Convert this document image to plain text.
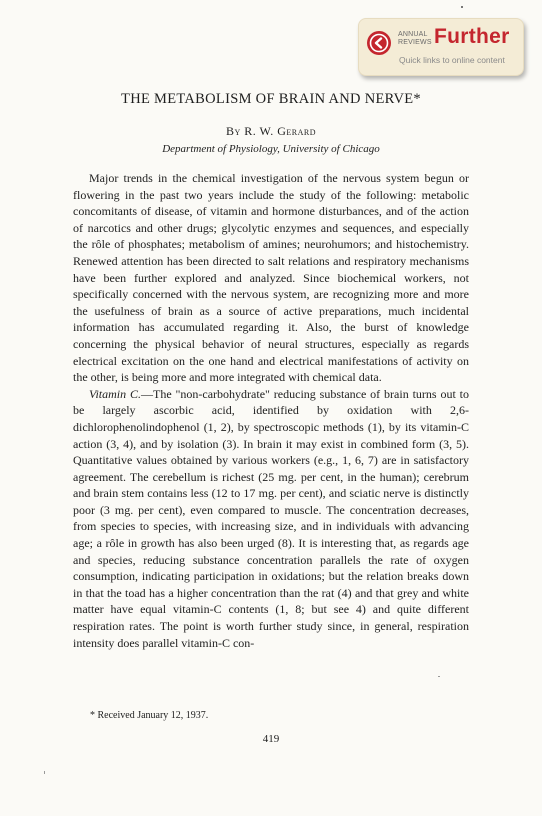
ANNUAL
REVIEWS Further
Quick links to online content
THE METABOLISM OF BRAIN AND NERVE*
By R. W. Gerard
Department of Physiology, University of Chicago

Major trends in the chemical investigation of the nervous system begun or flowering in the past two years include the study of the following: metabolic concomitants of disease, of vitamin and hormone disturbances, and of the action of narcotics and other drugs; glycolytic enzymes and sequences, and especially the rôle of phosphates; metabolism of amines; neurohumors; and histochemistry. Renewed attention has been directed to salt relations and respiratory mechanisms have been further explored and analyzed. Since biochemical workers, not specifically concerned with the nervous system, are recognizing more and more the usefulness of brain as a source of active preparations, much incidental information has accumulated regarding it. Also, the burst of knowledge concerning the physical behavior of neural structures, especially as regards electrical excitation on the one hand and electrical manifestations of activity on the other, is being more and more integrated with chemical data.

Vitamin C.—The "non-carbohydrate" reducing substance of brain turns out to be largely ascorbic acid, identified by oxidation with 2,6-dichlorophenolindophenol (1, 2), by spectroscopic methods (1), by its vitamin-C action (3, 4), and by isolation (3). In brain it may exist in combined form (3, 5). Quantitative values obtained by various workers (e.g., 1, 6, 7) are in satisfactory agreement. The cerebellum is richest (25 mg. per cent, in the human); cerebrum and brain stem contains less (12 to 17 mg. per cent), and sciatic nerve is distinctly poor (3 mg. per cent), even compared to muscle. The concentration decreases, from species to species, with increasing size, and in individuals with advancing age; a rôle in growth has also been urged (8). It is interesting that, as regards age and species, reducing substance concentration parallels the rate of oxygen consumption, indicating participation in oxidations; but the relation breaks down in that the toad has a higher concentration than the rat (4) and that grey and white matter have equal vitamin-C contents (1, 8; but see 4) and quite different respiration rates. The point is worth further study since, in general, respiration intensity does parallel vitamin-C con-

* Received January 12, 1937.
419
